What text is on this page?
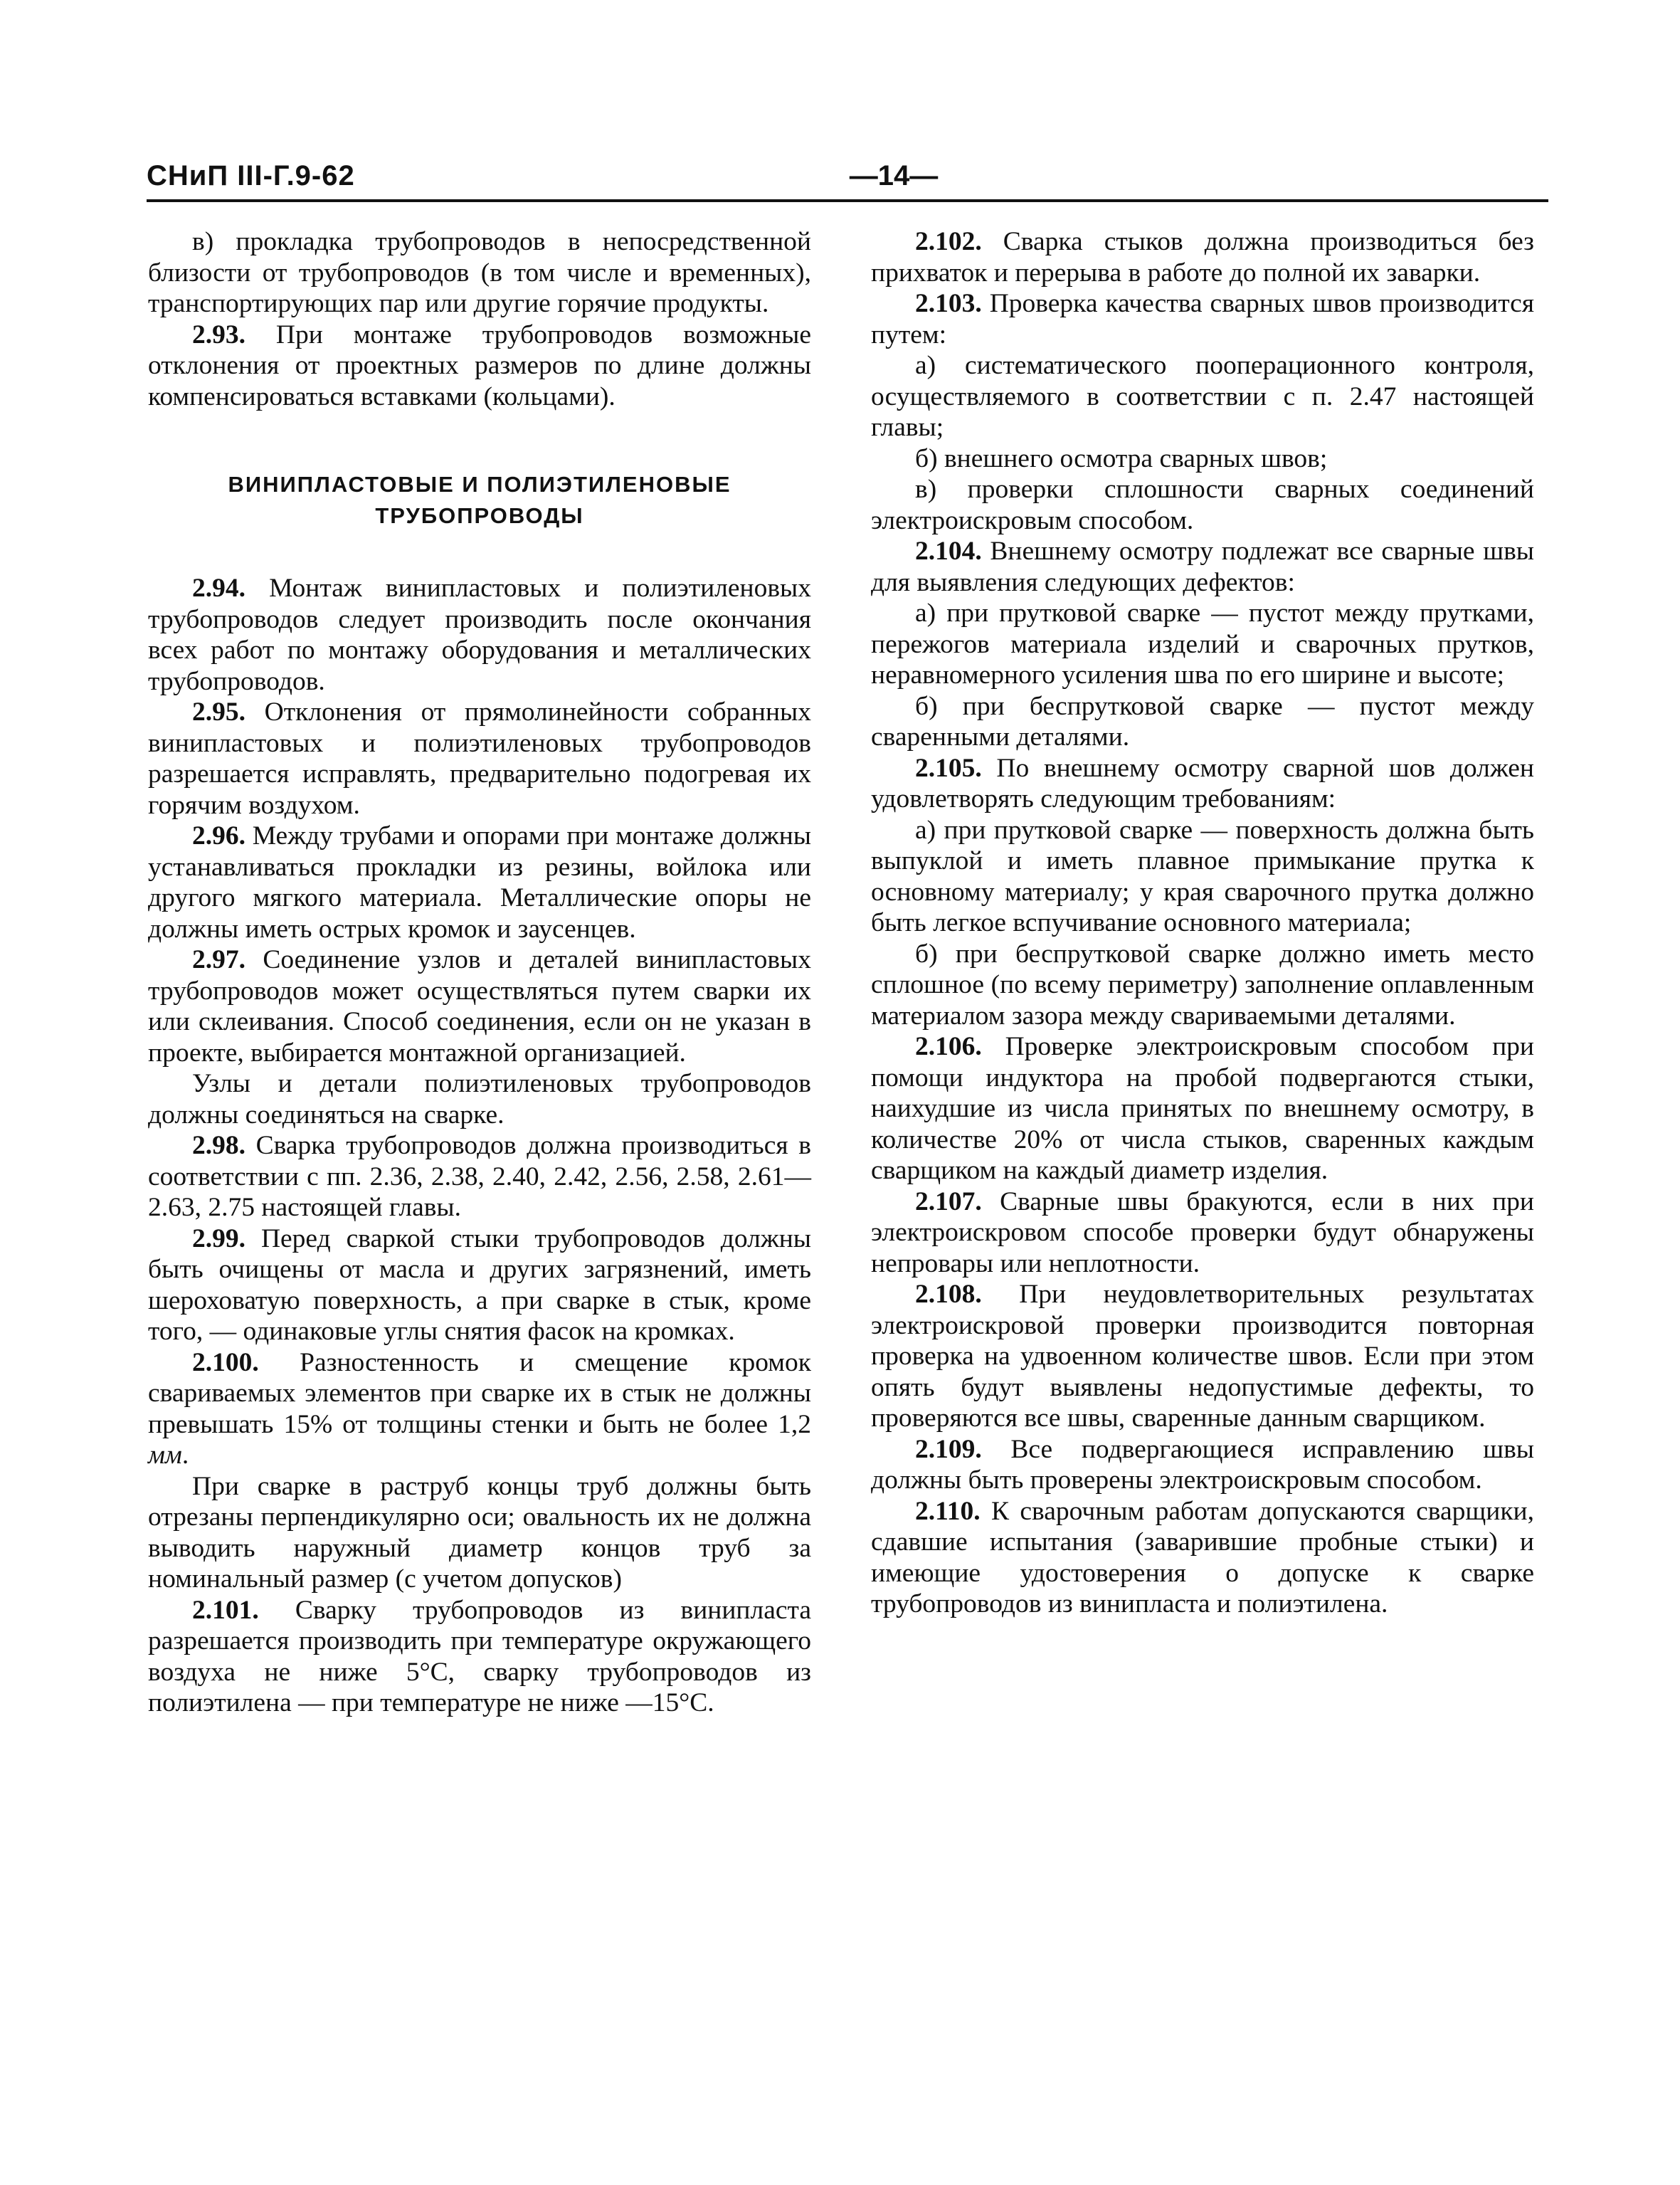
СНиП III-Г.9-62	—14—

в) прокладка трубопроводов в непосредственной близости от трубопроводов (в том числе и временных), транспортирующих пар или другие горячие продукты.

2.93. При монтаже трубопроводов возможные отклонения от проектных размеров по длине должны компенсироваться вставками (кольцами).

ВИНИПЛАСТОВЫЕ И ПОЛИЭТИЛЕНОВЫЕ
ТРУБОПРОВОДЫ

2.94. Монтаж винипластовых и полиэтиленовых трубопроводов следует производить после окончания всех работ по монтажу оборудования и металлических трубопроводов.

2.95. Отклонения от прямолинейности собранных винипластовых и полиэтиленовых трубопроводов разрешается исправлять, предварительно подогревая их горячим воздухом.

2.96. Между трубами и опорами при монтаже должны устанавливаться прокладки из резины, войлока или другого мягкого материала. Металлические опоры не должны иметь острых кромок и заусенцев.

2.97. Соединение узлов и деталей винипластовых трубопроводов может осуществляться путем сварки их или склеивания. Способ соединения, если он не указан в проекте, выбирается монтажной организацией.

Узлы и детали полиэтиленовых трубопроводов должны соединяться на сварке.

2.98. Сварка трубопроводов должна производиться в соответствии с пп. 2.36, 2.38, 2.40, 2.42, 2.56, 2.58, 2.61—2.63, 2.75 настоящей главы.

2.99. Перед сваркой стыки трубопроводов должны быть очищены от масла и других загрязнений, иметь шероховатую поверхность, а при сварке в стык, кроме того, — одинаковые углы снятия фасок на кромках.

2.100. Разностенность и смещение кромок свариваемых элементов при сварке их в стык не должны превышать 15% от толщины стенки и быть не более 1,2 мм.

При сварке в раструб концы труб должны быть отрезаны перпендикулярно оси; овальность их не должна выводить наружный диаметр концов труб за номинальный размер (с учетом допусков)

2.101. Сварку трубопроводов из винипласта разрешается производить при температуре окружающего воздуха не ниже 5°С, сварку трубопроводов из полиэтилена — при температуре не ниже —15°С.

2.102. Сварка стыков должна производиться без прихваток и перерыва в работе до полной их заварки.

2.103. Проверка качества сварных швов производится путем:

а) систематического пооперационного контроля, осуществляемого в соответствии с п. 2.47 настоящей главы;

б) внешнего осмотра сварных швов;

в) проверки сплошности сварных соединений электроискровым способом.

2.104. Внешнему осмотру подлежат все сварные швы для выявления следующих дефектов:

а) при прутковой сварке — пустот между прутками, пережогов материала изделий и сварочных прутков, неравномерного усиления шва по его ширине и высоте;

б) при беспрутковой сварке — пустот между сваренными деталями.

2.105. По внешнему осмотру сварной шов должен удовлетворять следующим требованиям:

а) при прутковой сварке — поверхность должна быть выпуклой и иметь плавное примыкание прутка к основному материалу; у края сварочного прутка должно быть легкое вспучивание основного материала;

б) при беспрутковой сварке должно иметь место сплошное (по всему периметру) заполнение оплавленным материалом зазора между свариваемыми деталями.

2.106. Проверке электроискровым способом при помощи индуктора на пробой подвергаются стыки, наихудшие из числа принятых по внешнему осмотру, в количестве 20% от числа стыков, сваренных каждым сварщиком на каждый диаметр изделия.

2.107. Сварные швы бракуются, если в них при электроискровом способе проверки будут обнаружены непровары или неплотности.

2.108. При неудовлетворительных результатах электроискровой проверки производится повторная проверка на удвоенном количестве швов. Если при этом опять будут выявлены недопустимые дефекты, то проверяются все швы, сваренные данным сварщиком.

2.109. Все подвергающиеся исправлению швы должны быть проверены электроискровым способом.

2.110. К сварочным работам допускаются сварщики, сдавшие испытания (заварившие пробные стыки) и имеющие удостоверения о допуске к сварке трубопроводов из винипласта и полиэтилена.
